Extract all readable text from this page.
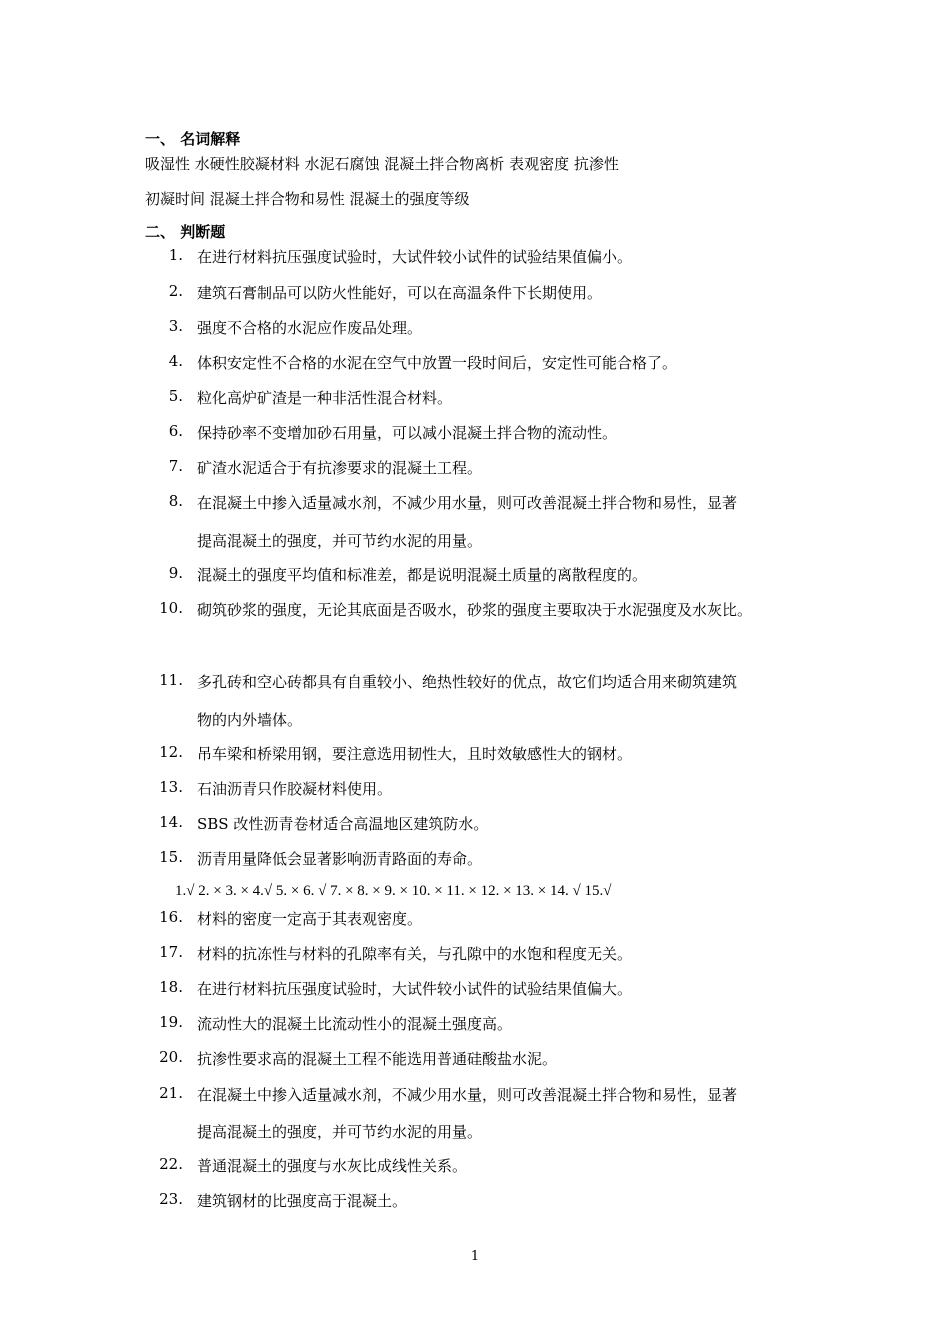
一、 名词解释
吸湿性 水硬性胶凝材料 水泥石腐蚀 混凝土拌合物离析 表观密度 抗渗性
初凝时间 混凝土拌合物和易性 混凝土的强度等级
二、 判断题
1. 在进行材料抗压强度试验时，大试件较小试件的试验结果值偏小。
2. 建筑石膏制品可以防火性能好，可以在高温条件下长期使用。
3. 强度不合格的水泥应作废品处理。
4. 体积安定性不合格的水泥在空气中放置一段时间后，安定性可能合格了。
5. 粒化高炉矿渣是一种非活性混合材料。
6. 保持砂率不变增加砂石用量，可以减小混凝土拌合物的流动性。
7. 矿渣水泥适合于有抗渗要求的混凝土工程。
8. 在混凝土中掺入适量减水剂，不减少用水量，则可改善混凝土拌合物和易性，显著
提高混凝土的强度，并可节约水泥的用量。
9. 混凝土的强度平均值和标准差，都是说明混凝土质量的离散程度的。
10. 砌筑砂浆的强度，无论其底面是否吸水，砂浆的强度主要取决于水泥强度及水灰比。
11. 多孔砖和空心砖都具有自重较小、绝热性较好的优点，故它们均适合用来砌筑建筑
物的内外墙体。
12. 吊车梁和桥梁用钢，要注意选用韧性大，且时效敏感性大的钢材。
13. 石油沥青只作胶凝材料使用。
14. SBS 改性沥青卷材适合高温地区建筑防水。
15. 沥青用量降低会显著影响沥青路面的寿命。
1.√ 2. × 3. × 4.√ 5. × 6. √ 7. × 8. × 9. × 10. × 11. × 12. × 13. × 14. √ 15.√
16. 材料的密度一定高于其表观密度。
17. 材料的抗冻性与材料的孔隙率有关，与孔隙中的水饱和程度无关。
18. 在进行材料抗压强度试验时，大试件较小试件的试验结果值偏大。
19. 流动性大的混凝土比流动性小的混凝土强度高。
20. 抗渗性要求高的混凝土工程不能选用普通硅酸盐水泥。
21. 在混凝土中掺入适量减水剂，不减少用水量，则可改善混凝土拌合物和易性，显著
提高混凝土的强度，并可节约水泥的用量。
22. 普通混凝土的强度与水灰比成线性关系。
23. 建筑钢材的比强度高于混凝土。
1
